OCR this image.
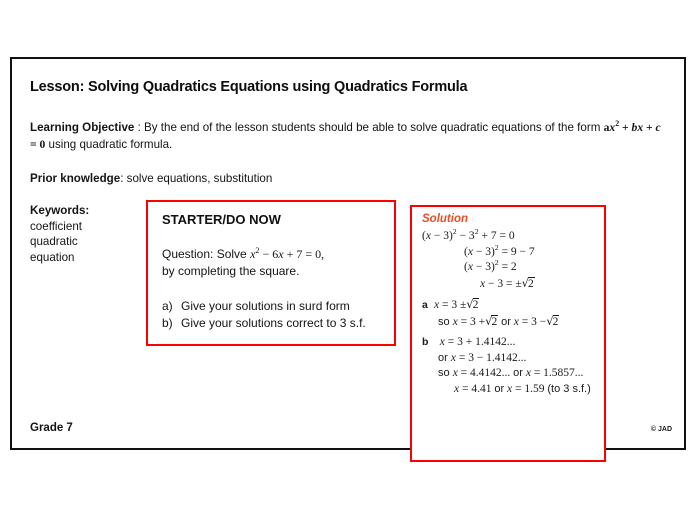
Lesson: Solving Quadratics Equations using Quadratics Formula
Learning Objective : By the end of the lesson students should be able to solve quadratic equations of the form $ax^2$ + bx + c = 0 using quadratic formula.
Prior knowledge: solve equations, substitution
Keywords:
coefficient
quadratic
equation
STARTER/DO NOW
Question: Solve $x^2 - 6x + 7 = 0$,
by completing the square.
a) Give your solutions in surd form
b) Give your solutions correct to 3 s.f.
Solution
$(x - 3)^2 - 3^2 + 7 = 0$
$(x - 3)^2 = 9 - 7$
$(x - 3)^2 = 2$
x − 3 = ±√2
a x = 3 ±√2
so x = 3 +√2 or x = 3 −√2
b x = 3 + 1.4142...
or x = 3 − 1.4142...
so x = 4.4142... or x = 1.5857...
x = 4.41 or x = 1.59 (to 3 s.f.)
Grade 7	© JAD
